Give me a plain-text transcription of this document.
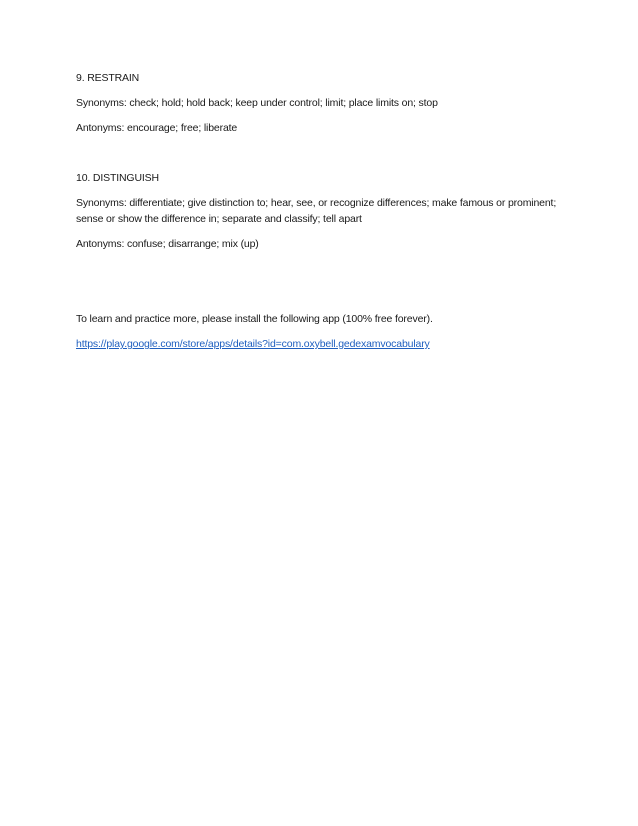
9. RESTRAIN
Synonyms: check; hold; hold back; keep under control; limit; place limits on; stop
Antonyms: encourage; free; liberate
10. DISTINGUISH
Synonyms: differentiate; give distinction to; hear, see, or recognize differences; make famous or prominent; sense or show the difference in; separate and classify; tell apart
Antonyms: confuse; disarrange; mix (up)
To learn and practice more, please install the following app (100% free forever).
https://play.google.com/store/apps/details?id=com.oxybell.gedexamvocabulary
